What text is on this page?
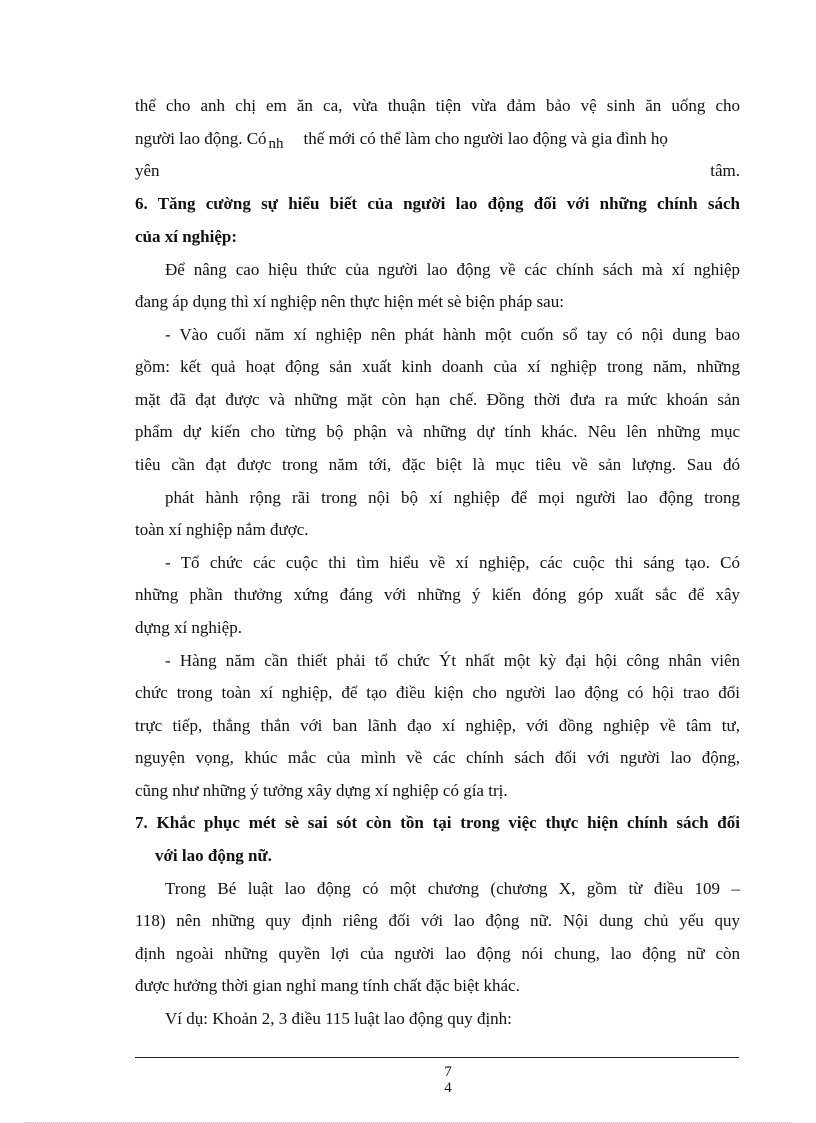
thể cho anh chị em ăn ca, vừa thuận tiện vừa đảm bảo vệ sinh ăn uống cho
người lao động. Có nh thế mới có thể làm cho người lao động và gia đình họ
yên	tâm.
6. Tăng cường sự hiểu biết của người lao động đối với những chính sách
của xí nghiệp:
Để nâng cao hiệu thức của người lao động về các chính sách mà xí nghiệp
đang áp dụng thì xí nghiệp nên thực hiện mét sè biện pháp sau:
- Vào cuối năm xí nghiệp nên phát hành một cuốn sổ tay có nội dung bao
gồm: kết quả hoạt động sản xuất kinh doanh của xí nghiệp trong năm, những
mặt đã đạt được và những mặt còn hạn chế. Đồng thời đưa ra mức khoán sản
phẩm dự kiến cho từng bộ phận và những dự tính khác. Nêu lên những mục
tiêu cần đạt được trong năm tới, đặc biệt là mục tiêu về sản lượng. Sau đó
phát hành rộng rãi trong nội bộ xí nghiệp để mọi người lao động trong
toàn xí nghiệp nắm được.
- Tổ chức các cuộc thi tìm hiểu về xí nghiệp, các cuộc thi sáng tạo. Có
những phần thưởng xứng đáng với những ý kiến đóng góp xuất sắc để xây
dựng xí nghiệp.
- Hàng năm cần thiết phải tổ chức Ýt nhất một kỳ đại hội công nhân viên
chức trong toàn xí nghiệp, để tạo điều kiện cho người lao động có hội trao đổi
trực tiếp, thẳng thắn với ban lãnh đạo xí nghiệp, với đồng nghiệp về tâm tư,
nguyện vọng, khúc mắc của mình về các chính sách đối với người lao động,
cũng như những ý tưởng xây dựng xí nghiệp có gía trị.
7. Khắc phục mét sè sai sót còn tồn tại trong việc thực hiện chính sách đối
với lao động nữ.
Trong Bé luật lao động có một chương (chương X, gồm từ điều 109 –
118) nên những quy định riêng đối với lao động nữ. Nội dung chủ yếu quy
định ngoài những quyền lợi của người lao động nói chung, lao động nữ còn
được hưởng thời gian nghỉ mang tính chất đặc biệt khác.
Ví dụ: Khoản 2, 3 điều 115 luật lao động quy định:
7
4
